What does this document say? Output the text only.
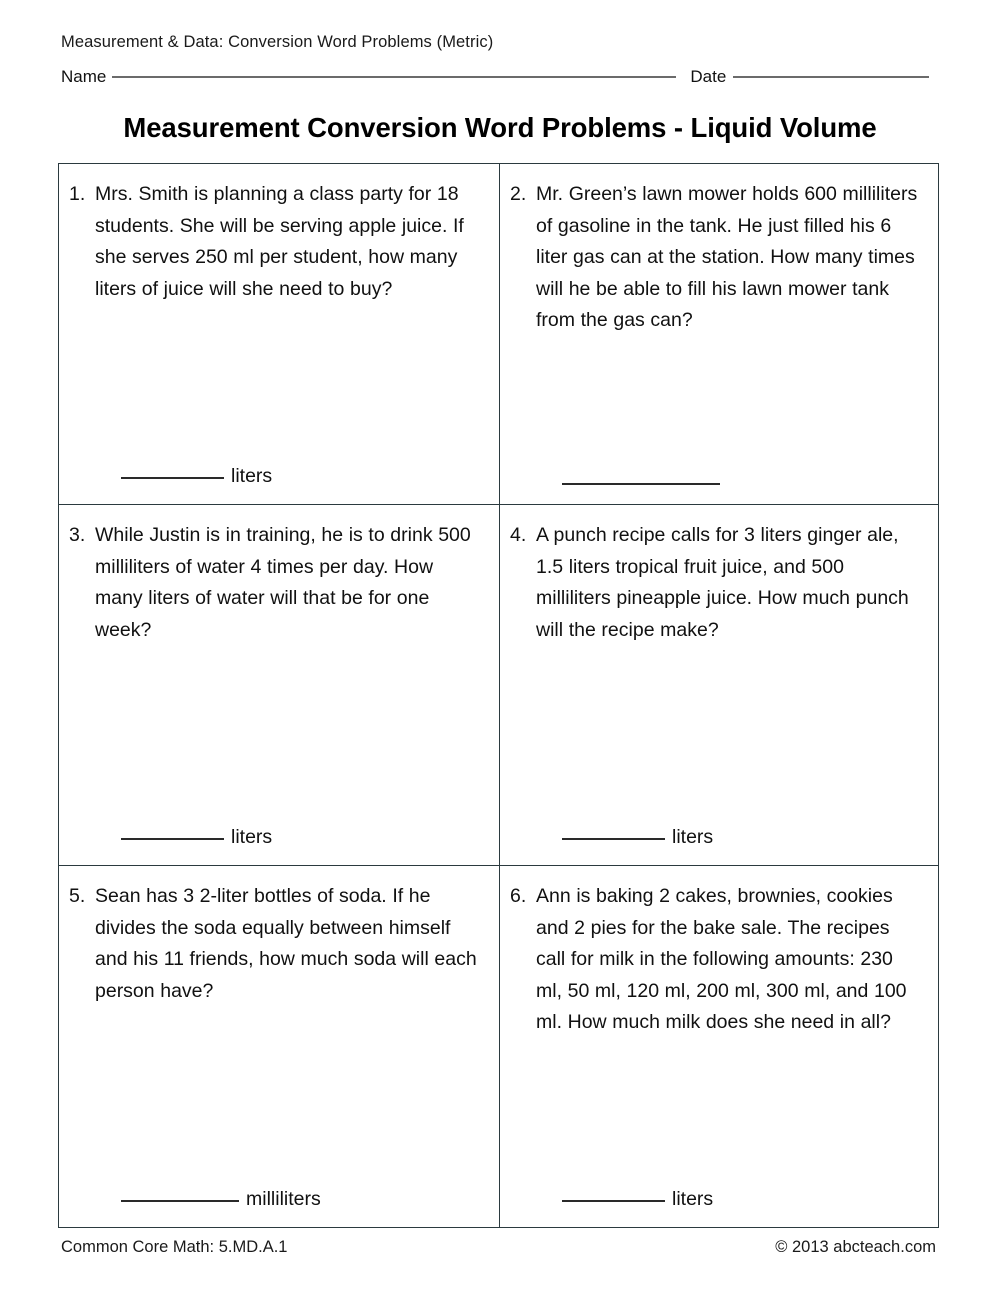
Measurement & Data: Conversion Word Problems (Metric)
Name	Date
Measurement Conversion Word Problems - Liquid Volume
1. Mrs. Smith is planning a class party for 18 students. She will be serving apple juice. If she serves 250 ml per student, how many liters of juice will she need to buy?
liters

2. Mr. Green’s lawn mower holds 600 milliliters of gasoline in the tank. He just filled his 6 liter gas can at the station. How many times will he be able to fill his lawn mower tank from the gas can?

3. While Justin is in training, he is to drink 500 milliliters of water 4 times per day. How many liters of water will that be for one week?
liters

4. A punch recipe calls for 3 liters ginger ale, 1.5 liters tropical fruit juice, and 500 milliliters pineapple juice. How much punch will the recipe make?
liters

5. Sean has 3 2-liter bottles of soda. If he divides the soda equally between himself and his 11 friends, how much soda will each person have?
milliliters

6. Ann is baking 2 cakes, brownies, cookies and 2 pies for the bake sale. The recipes call for milk in the following amounts: 230 ml, 50 ml, 120 ml, 200 ml, 300 ml, and 100 ml. How much milk does she need in all?
liters
Common Core Math: 5.MD.A.1	© 2013 abcteach.com
